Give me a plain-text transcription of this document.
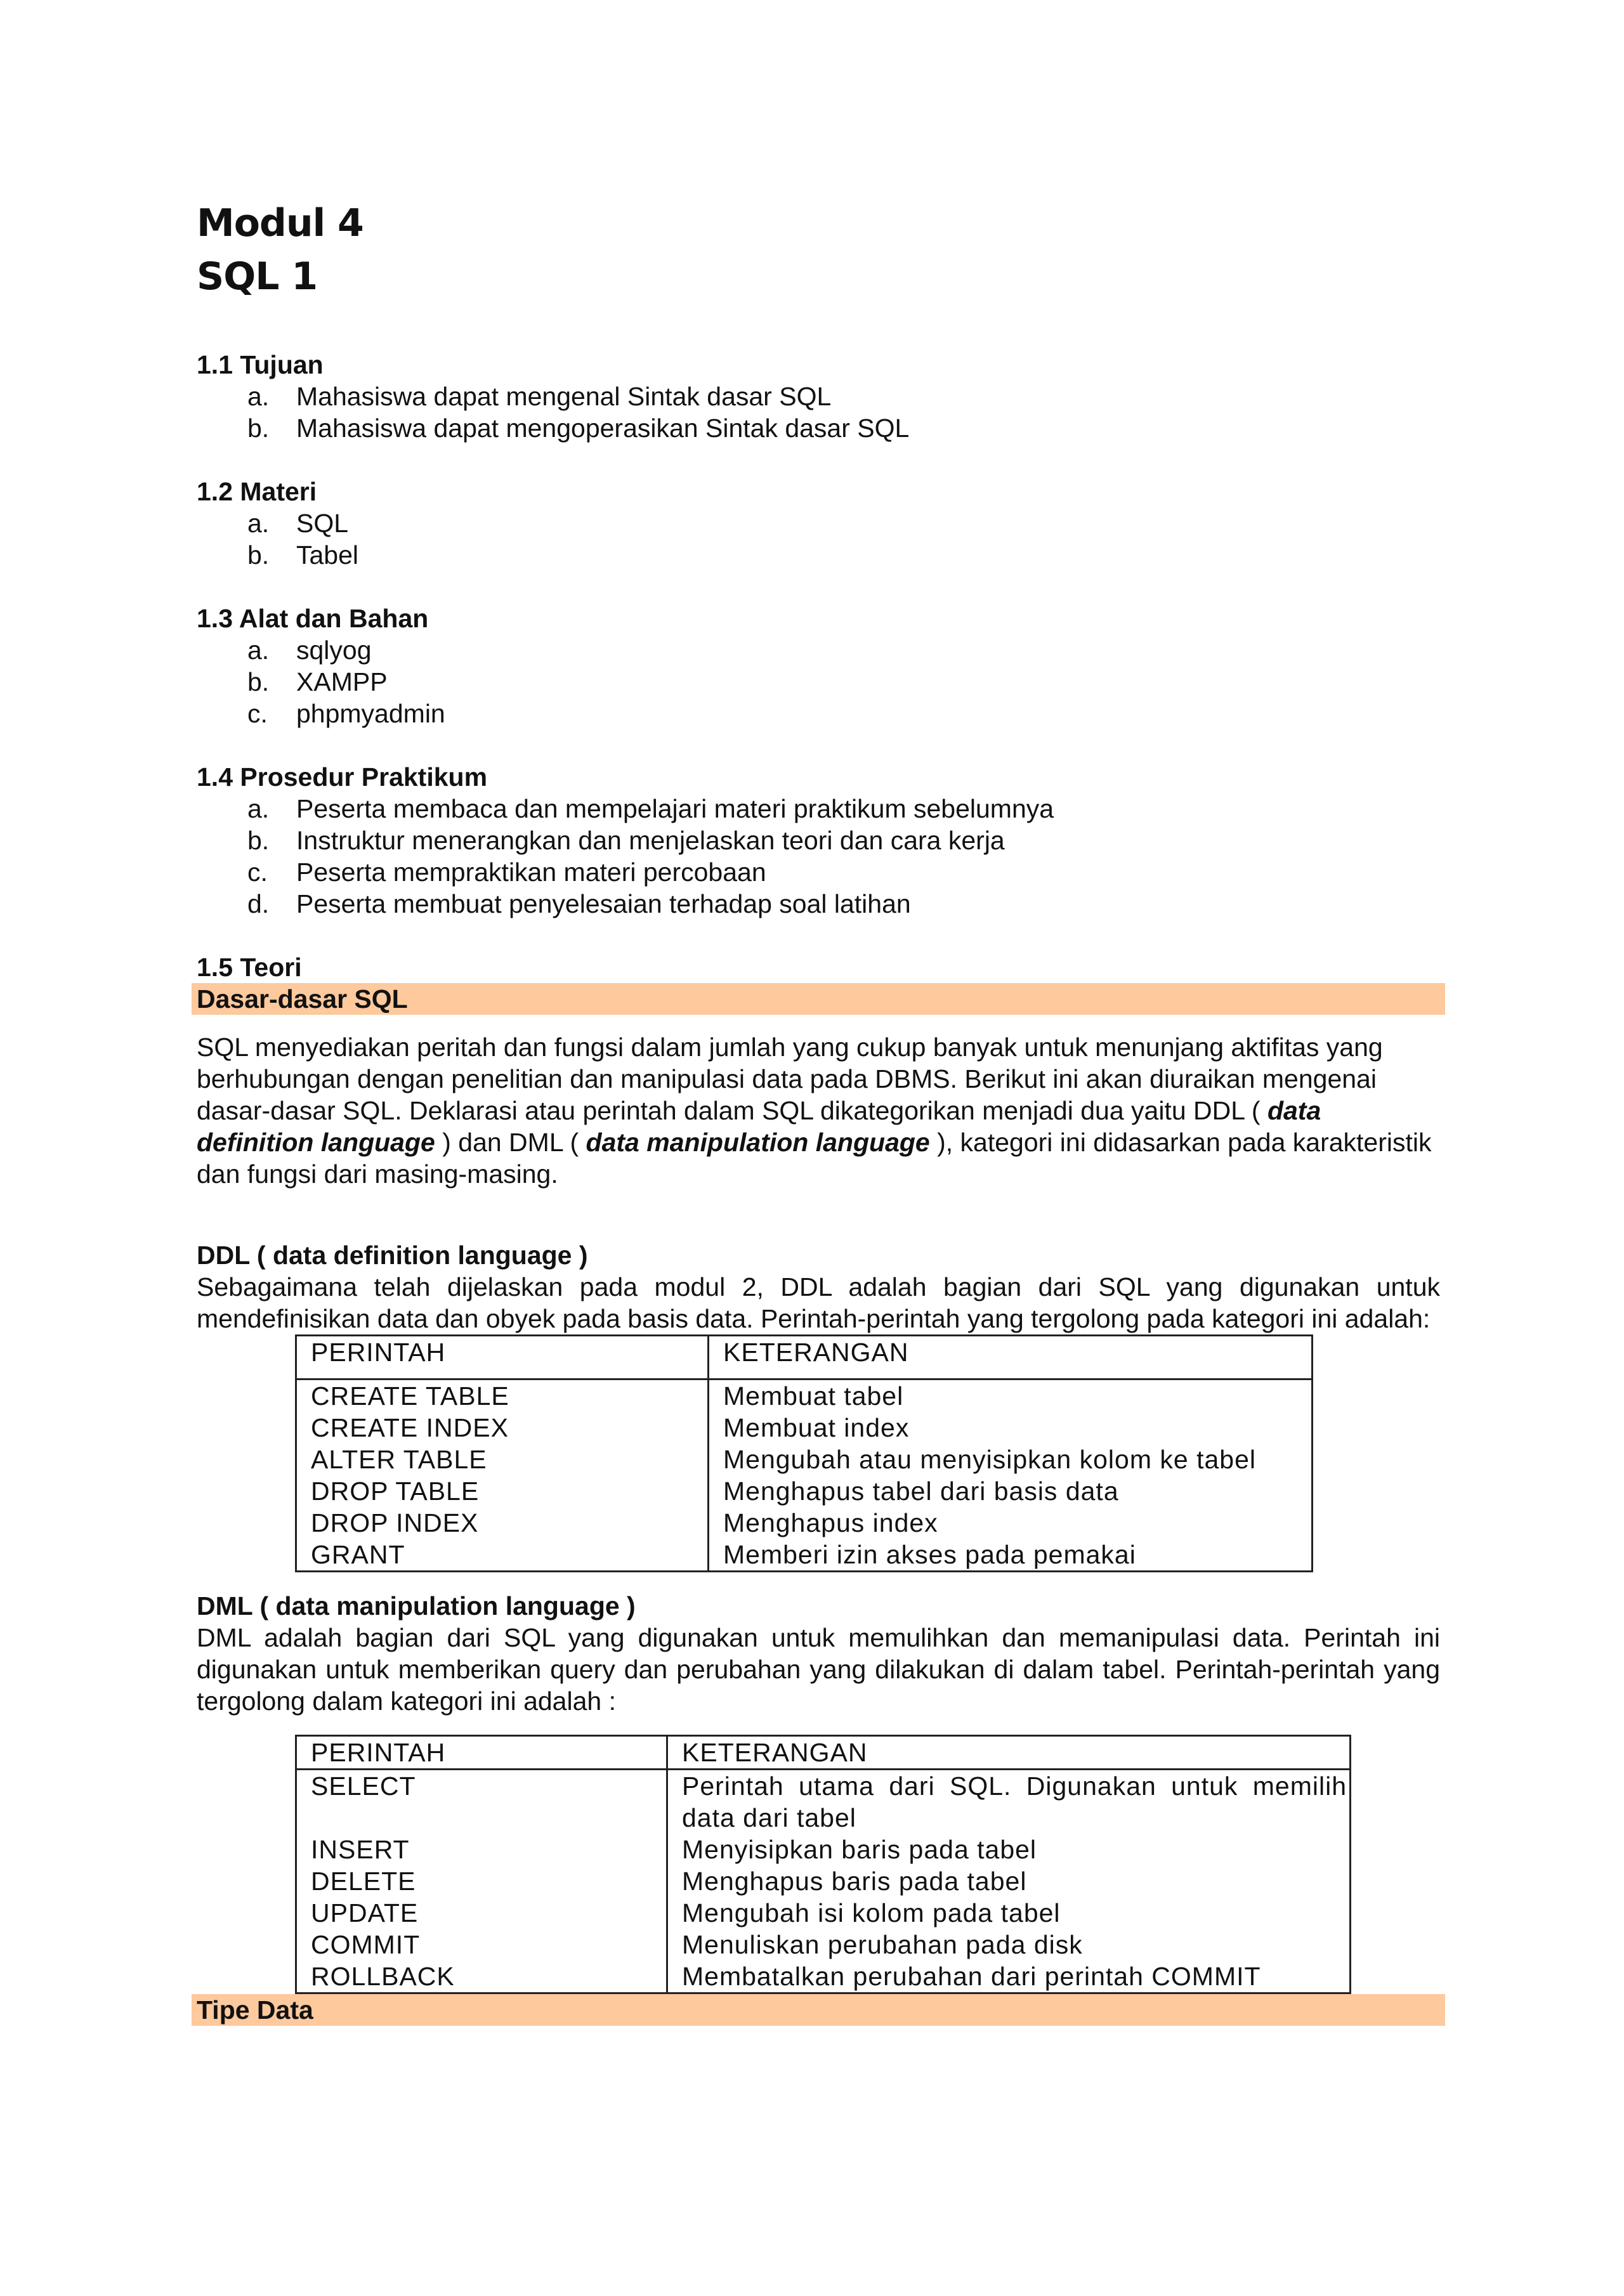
Modul 4

SQL 1

1.1 Tujuan
a.	Mahasiswa dapat mengenal Sintak dasar SQL
b.	Mahasiswa dapat mengoperasikan Sintak dasar SQL
1.2 Materi
a.	SQL
b.	Tabel
1.3 Alat dan Bahan
a.	sqlyog
b.	XAMPP
c.	phpmyadmin
1.4 Prosedur Praktikum
a.	Peserta membaca dan mempelajari materi praktikum sebelumnya
b.	Instruktur menerangkan dan menjelaskan teori dan cara kerja
c.	Peserta mempraktikan materi percobaan
d.	Peserta membuat penyelesaian terhadap soal latihan
1.5 Teori
Dasar-dasar SQL

SQL menyediakan peritah dan fungsi dalam jumlah yang cukup banyak untuk menunjang aktifitas yang berhubungan dengan penelitian dan manipulasi data pada DBMS. Berikut ini akan diuraikan mengenai dasar-dasar SQL. Deklarasi atau perintah dalam SQL dikategorikan menjadi dua yaitu DDL ( data definition language ) dan DML ( data manipulation language ), kategori ini didasarkan pada karakteristik dan fungsi dari masing-masing.

DDL ( data definition language )

Sebagaimana telah dijelaskan pada modul 2, DDL adalah bagian dari SQL yang digunakan untuk mendefinisikan data dan obyek pada basis data. Perintah-perintah yang tergolong pada kategori ini adalah:

PERINTAH	KETERANGAN
CREATE TABLE	Membuat tabel
CREATE INDEX	Membuat index
ALTER TABLE	Mengubah atau menyisipkan kolom ke tabel
DROP TABLE	Menghapus tabel dari basis data
DROP INDEX	Menghapus index
GRANT	Memberi izin akses pada pemakai
DML ( data manipulation language )

DML adalah bagian dari SQL yang digunakan untuk memulihkan dan memanipulasi data. Perintah ini digunakan untuk memberikan query dan perubahan yang dilakukan di dalam tabel. Perintah-perintah yang tergolong dalam kategori ini adalah :

PERINTAH	KETERANGAN
SELECT	Perintah utama dari SQL. Digunakan untuk memilih data dari tabel
INSERT	Menyisipkan baris pada tabel
DELETE	Menghapus baris pada tabel
UPDATE	Mengubah isi kolom pada tabel
COMMIT	Menuliskan perubahan pada disk
ROLLBACK	Membatalkan perubahan dari perintah COMMIT
Tipe Data
